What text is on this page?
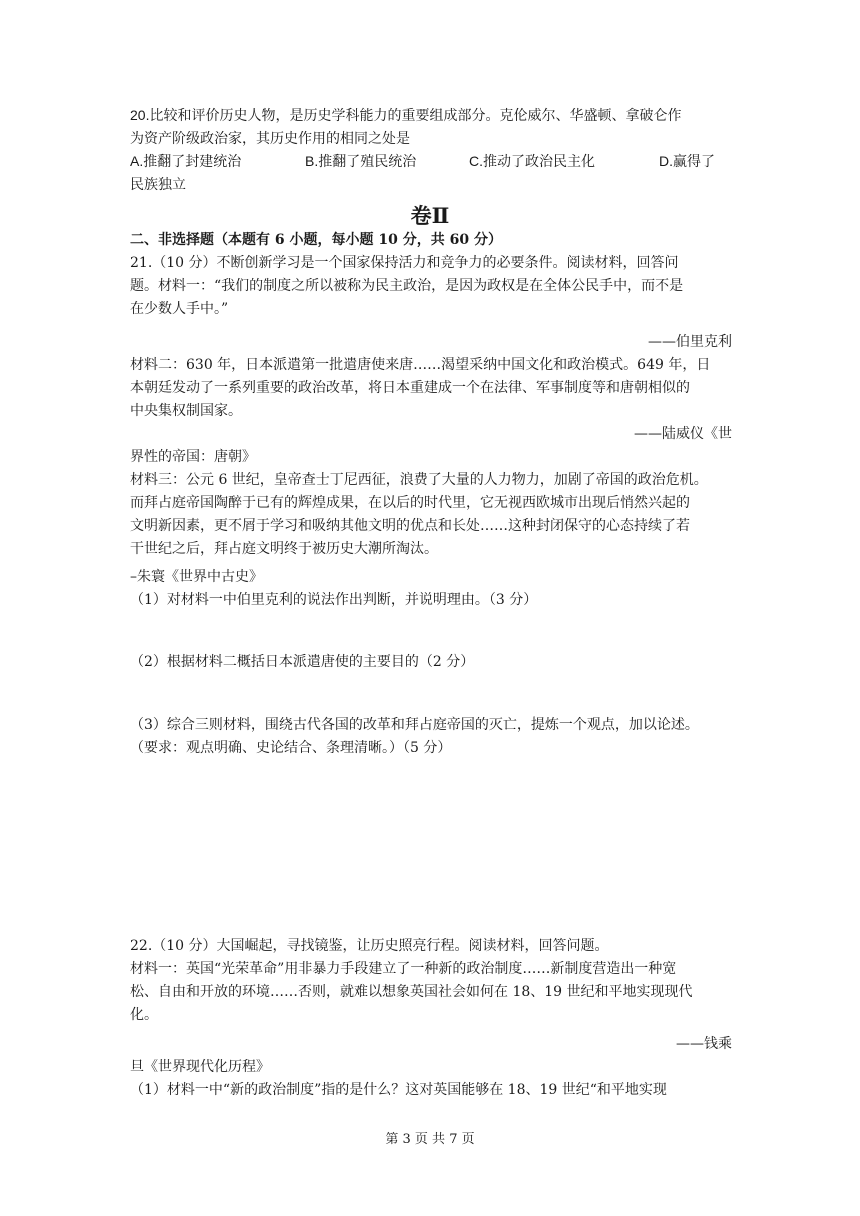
20.比较和评价历史人物，是历史学科能力的重要组成部分。克伦威尔、华盛顿、拿破仑作
为资产阶级政治家，其历史作用的相同之处是
A.推翻了封建统治	B.推翻了殖民统治	C.推动了政治民主化	D.赢得了
民族独立
卷Ⅱ
二、非选择题（本题有 6 小题，每小题 10 分，共 60 分）
21.（10 分）不断创新学习是一个国家保持活力和竞争力的必要条件。阅读材料，回答问
题。材料一：“我们的制度之所以被称为民主政治，是因为政权是在全体公民手中，而不是
在少数人手中。”
——伯里克利
材料二：630 年，日本派遣第一批遣唐使来唐……渴望采纳中国文化和政治模式。649 年，日
本朝廷发动了一系列重要的政治改革，将日本重建成一个在法律、军事制度等和唐朝相似的
中央集权制国家。
——陆威仪《世
界性的帝国：唐朝》
材料三：公元 6 世纪，皇帝查士丁尼西征，浪费了大量的人力物力，加剧了帝国的政治危机。
而拜占庭帝国陶醉于已有的辉煌成果，在以后的时代里，它无视西欧城市出现后悄然兴起的
文明新因素，更不屑于学习和吸纳其他文明的优点和长处……这种封闭保守的心态持续了若
干世纪之后，拜占庭文明终于被历史大潮所淘汰。
–朱寰《世界中古史》
（1）对材料一中伯里克利的说法作出判断，并说明理由。（3 分）
（2）根据材料二概括日本派遣唐使的主要目的（2 分）
（3）综合三则材料，围绕古代各国的改革和拜占庭帝国的灭亡，提炼一个观点，加以论述。
（要求：观点明确、史论结合、条理清晰。）（5 分）
22.（10 分）大国崛起，寻找镜鉴，让历史照亮行程。阅读材料，回答问题。
材料一：英国“光荣革命”用非暴力手段建立了一种新的政治制度……新制度营造出一种宽
松、自由和开放的环境……否则，就难以想象英国社会如何在 18、19 世纪和平地实现现代
化。
——钱乘
旦《世界现代化历程》
（1）材料一中“新的政治制度”指的是什么？这对英国能够在 18、19 世纪“和平地实现
第 3 页 共 7 页
